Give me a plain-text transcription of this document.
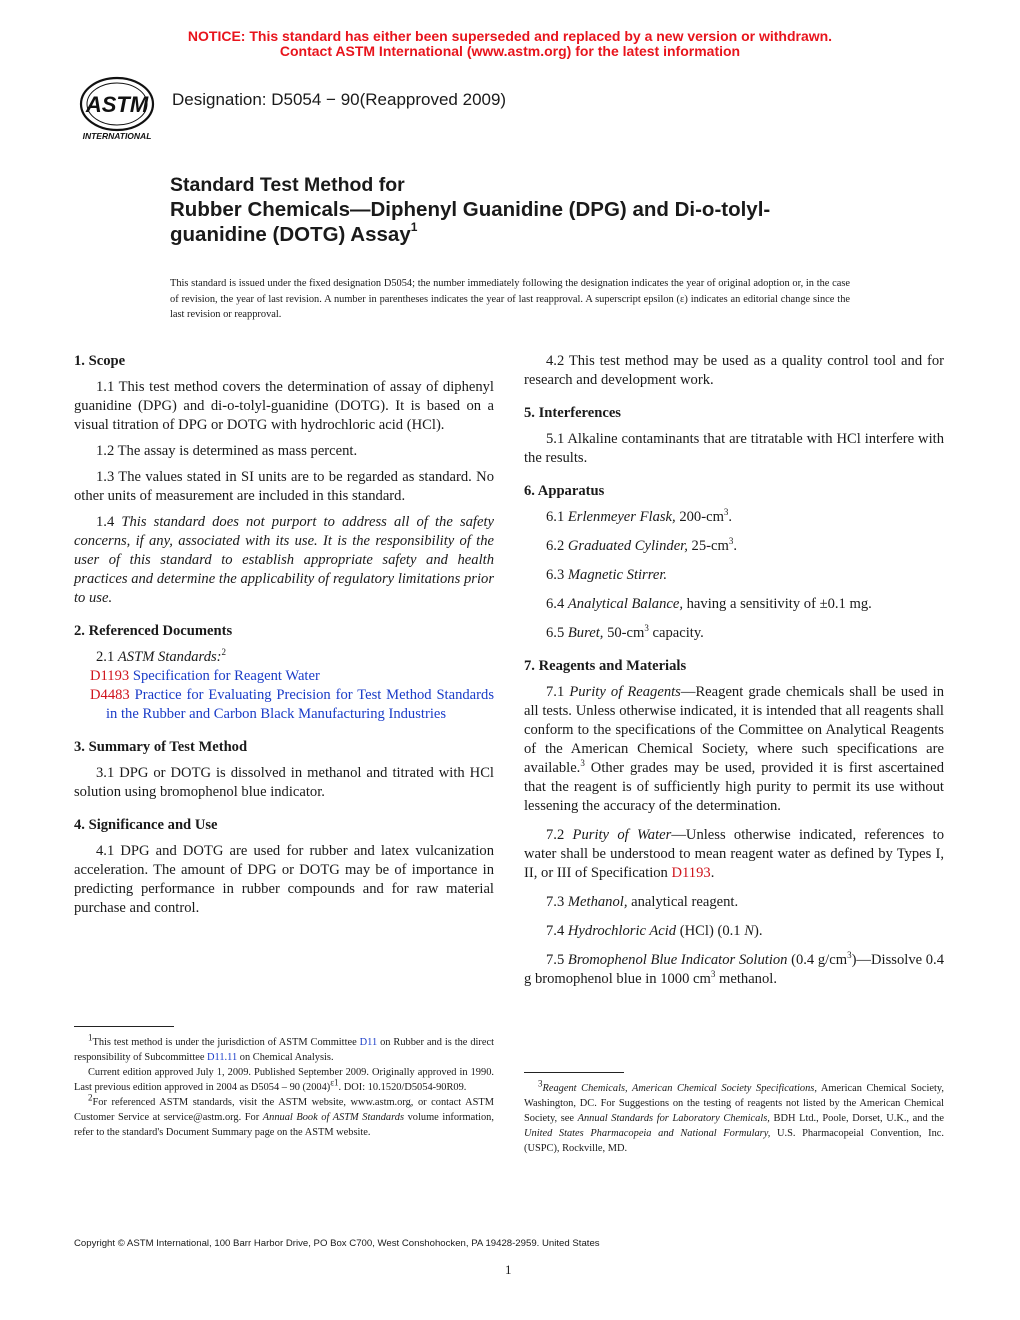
NOTICE: This standard has either been superseded and replaced by a new version or withdrawn.
Contact ASTM International (www.astm.org) for the latest information
ASTM
INTERNATIONAL
Designation: D5054 − 90(Reapproved 2009)
Standard Test Method for
Rubber Chemicals—Diphenyl Guanidine (DPG) and Di-o-tolyl-guanidine (DOTG) Assay$^1$
This standard is issued under the fixed designation D5054; the number immediately following the designation indicates the year of original adoption or, in the case of revision, the year of last revision. A number in parentheses indicates the year of last reapproval. A superscript epsilon (ε) indicates an editorial change since the last revision or reapproval.
1. Scope

1.1 This test method covers the determination of assay of diphenyl guanidine (DPG) and di-o-tolyl-guanidine (DOTG). It is based on a visual titration of DPG or DOTG with hydrochloric acid (HCl).

1.2 The assay is determined as mass percent.

1.3 The values stated in SI units are to be regarded as standard. No other units of measurement are included in this standard.

1.4 This standard does not purport to address all of the safety concerns, if any, associated with its use. It is the responsibility of the user of this standard to establish appropriate safety and health practices and determine the applicability of regulatory limitations prior to use.

2. Referenced Documents

2.1 ASTM Standards:$^2$

D1193 Specification for Reagent Water

D4483 Practice for Evaluating Precision for Test Method Standards in the Rubber and Carbon Black Manufacturing Industries

3. Summary of Test Method

3.1 DPG or DOTG is dissolved in methanol and titrated with HCl solution using bromophenol blue indicator.

4. Significance and Use

4.1 DPG and DOTG are used for rubber and latex vulcanization acceleration. The amount of DPG or DOTG may be of importance in predicting performance in rubber compounds and for raw material purchase and control.

$^1$This test method is under the jurisdiction of ASTM Committee D11 on Rubber and is the direct responsibility of Subcommittee D11.11 on Chemical Analysis.

Current edition approved July 1, 2009. Published September 2009. Originally approved in 1990. Last previous edition approved in 2004 as D5054 – 90 $(2004)^{\varepsilon 1}$. DOI: 10.1520/D5054-90R09.

$^2$For referenced ASTM standards, visit the ASTM website, www.astm.org, or contact ASTM Customer Service at service@astm.org. For Annual Book of ASTM Standards volume information, refer to the standard's Document Summary page on the ASTM website.

4.2 This test method may be used as a quality control tool and for research and development work.

5. Interferences

5.1 Alkaline contaminants that are titratable with HCl interfere with the results.

6. Apparatus

6.1 Erlenmeyer Flask, $200-cm^3$.

6.2 Graduated Cylinder, $25-cm^3$.

6.3 Magnetic Stirrer.

6.4 Analytical Balance, having a sensitivity of ±0.1 mg.

6.5 Buret, $50-cm^3$ capacity.

7. Reagents and Materials

7.1 Purity of Reagents—Reagent grade chemicals shall be used in all tests. Unless otherwise indicated, it is intended that all reagents shall conform to the specifications of the Committee on Analytical Reagents of the American Chemical Society, where such specifications are available.$^3$ Other grades may be used, provided it is first ascertained that the reagent is of sufficiently high purity to permit its use without lessening the accuracy of the determination.

7.2 Purity of Water—Unless otherwise indicated, references to water shall be understood to mean reagent water as defined by Types I, II, or III of Specification D1193.

7.3 Methanol, analytical reagent.

7.4 Hydrochloric Acid (HCl) (0.1 N).

7.5 Bromophenol Blue Indicator Solution (0.4 $g/cm^3)—Dissolve$ 0.4 g bromophenol blue in 1000 $cm^3$ methanol.

$^3$Reagent Chemicals, American Chemical Society Specifications, American Chemical Society, Washington, DC. For Suggestions on the testing of reagents not listed by the American Chemical Society, see Annual Standards for Laboratory Chemicals, BDH Ltd., Poole, Dorset, U.K., and the United States Pharmacopeia and National Formulary, U.S. Pharmacopeial Convention, Inc. (USPC), Rockville, MD.

Copyright © ASTM International, 100 Barr Harbor Drive, PO Box C700, West Conshohocken, PA 19428-2959. United States
1
